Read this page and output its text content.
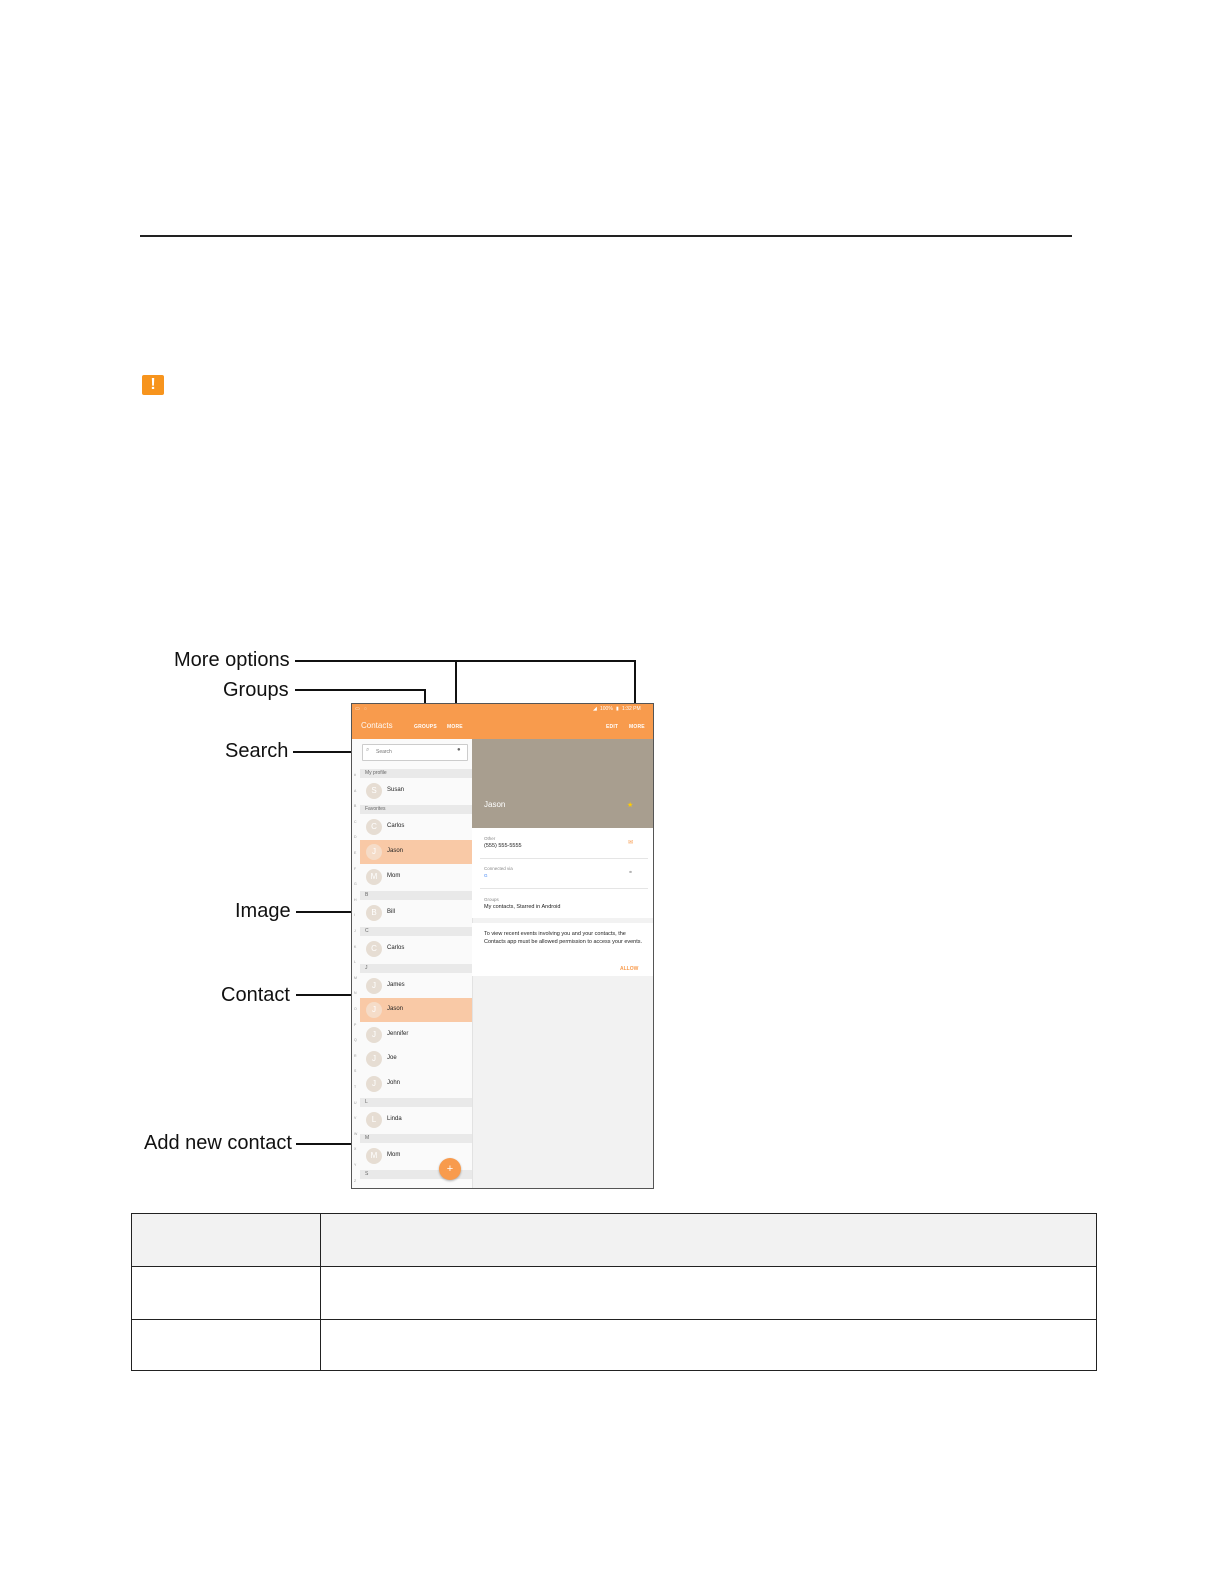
!
More options
Groups
Search
Image
Contact
Add new contact
▭ ◌	◢ 100% ▮ 1:32 PM
Contacts	GROUPS MORE	EDIT MORE
⌕
Search	●
#
A
B
C
D
E
F
G
H
I
J
K
L
M
N
O
P
Q
R
S
T
U
V
W
X
Y
Z
My profile
S	Susan
Favorites
C	Carlos
J	Jason
M	Mom
B
B	Bill
C
C	Carlos
J
J	James
J	Jason
J	Jennifer
J	Joe
J	John
L
L	Linda
M
M	Mom
S	+
Jason	★
Other
(555) 555-5555	✉
Connected via
G	⚭
Groups
My contacts, Starred in Android
To view recent events involving you and your contacts, the Contacts app must be allowed permission to access your events.
ALLOW
